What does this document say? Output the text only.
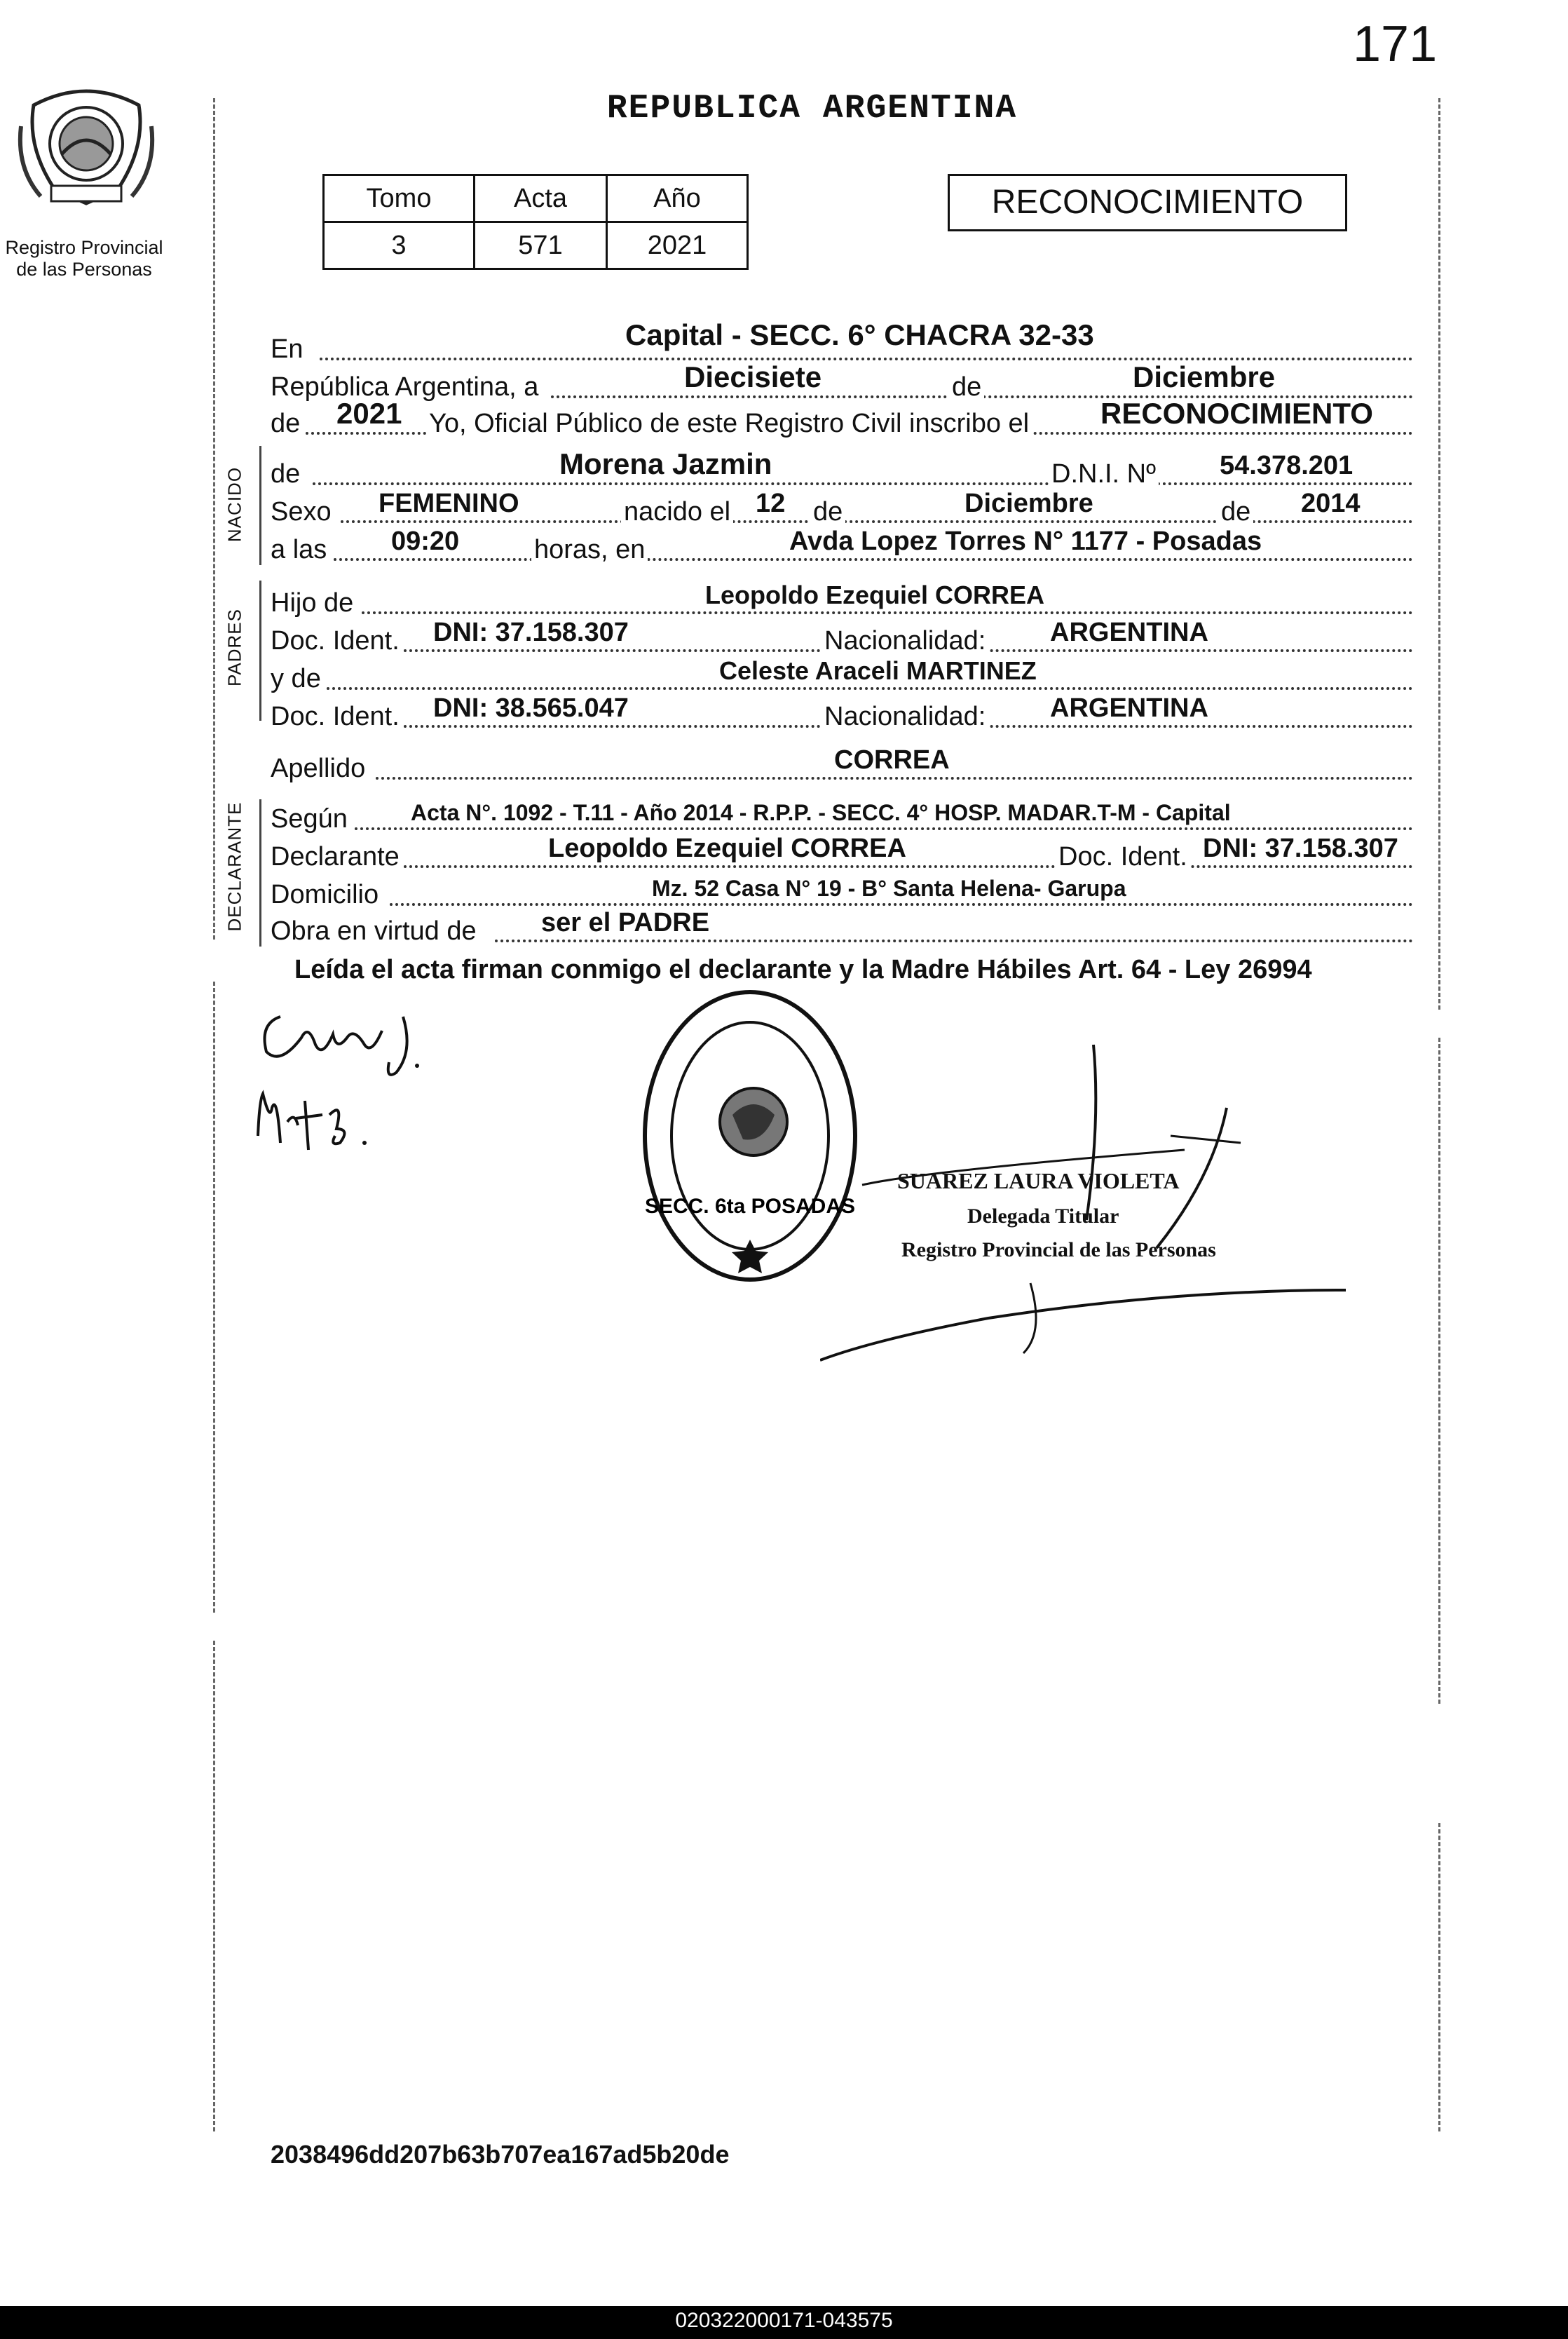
171
REPUBLICA ARGENTINA
Registro Provincial
de las Personas
Tomo	Acta	Año
3	571	2021
RECONOCIMIENTO
En	Capital - SECC. 6° CHACRA 32-33
República Argentina, a	de
Diecisiete	Diciembre
de 2021 Yo, Oficial Público de este Registro Civil inscribo el RECONOCIMIENTO
NACIDO de	Morena Jazmin	D.N.I. Nº 54.378.201
Sexo FEMENINO	nacido el 12 de	Diciembre	de 2014
a las 09:20	horas, en	Avda Lopez Torres N° 1177 - Posadas
PADRES
Hijo de	Leopoldo Ezequiel CORREA
Doc. Ident. DNI: 37.158.307	Nacionalidad: ARGENTINA
y de	Celeste Araceli MARTINEZ
Doc. Ident. DNI: 38.565.047	Nacionalidad: ARGENTINA
Apellido	CORREA
DECLARANTE Según	Acta N°. 1092 - T.11 - Año 2014 - R.P.P. - SECC. 4° HOSP. MADAR.T-M - Capital
Declarante	Leopoldo Ezequiel CORREA	Doc. Ident. DNI: 37.158.307
Domicilio	Mz. 52 Casa N° 19 - B° Santa Helena- Garupa
Obra en virtud de ser el PADRE
Leída el acta firman conmigo el declarante y la Madre Hábiles Art. 64 - Ley 26994
SECC. 6ta POSADAS
SUAREZ LAURA VIOLETA
Delegada Titular
Registro Provincial de las Personas
2038496dd207b63b707ea167ad5b20de
020322000171-043575
